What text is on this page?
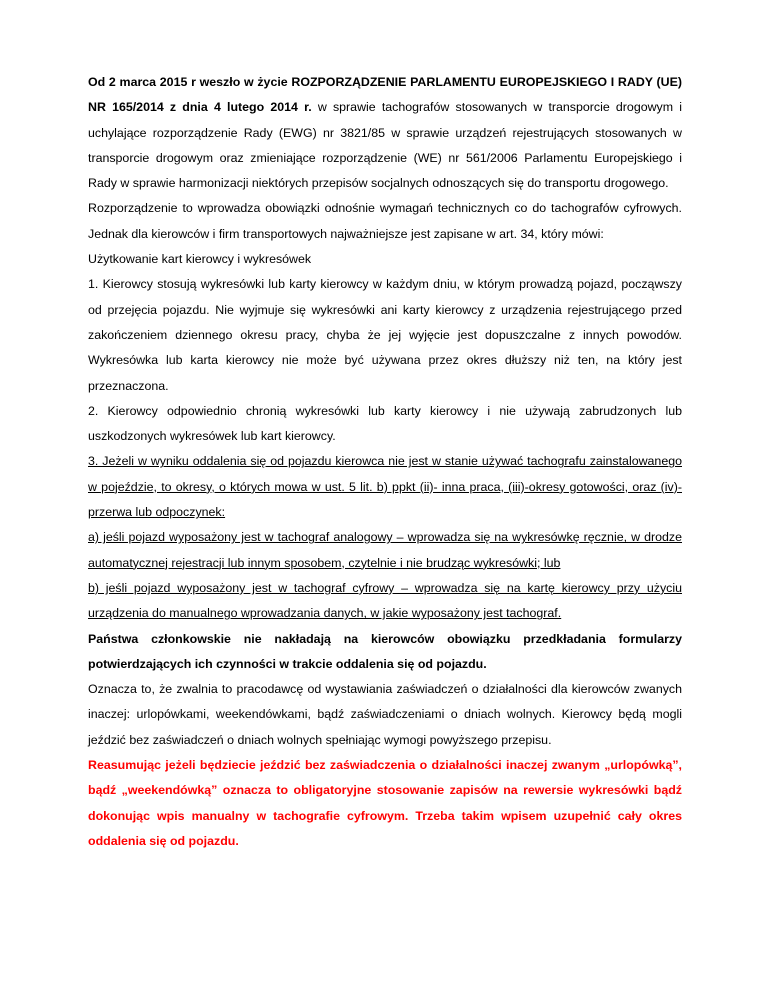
Od 2 marca 2015 r weszło w życie ROZPORZĄDZENIE PARLAMENTU EUROPEJSKIEGO I RADY (UE) NR 165/2014 z dnia 4 lutego 2014 r. w sprawie tachografów stosowanych w transporcie drogowym i uchylające rozporządzenie Rady (EWG) nr 3821/85 w sprawie urządzeń rejestrujących stosowanych w transporcie drogowym oraz zmieniające rozporządzenie (WE) nr 561/2006 Parlamentu Europejskiego i Rady w sprawie harmonizacji niektórych przepisów socjalnych odnoszących się do transportu drogowego.

Rozporządzenie to wprowadza obowiązki odnośnie wymagań technicznych co do tachografów cyfrowych. Jednak dla kierowców i firm transportowych najważniejsze jest zapisane w art. 34, który mówi:

Użytkowanie kart kierowcy i wykresówek

1. Kierowcy stosują wykresówki lub karty kierowcy w każdym dniu, w którym prowadzą pojazd, począwszy od przejęcia pojazdu. Nie wyjmuje się wykresówki ani karty kierowcy z urządzenia rejestrującego przed zakończeniem dziennego okresu pracy, chyba że jej wyjęcie jest dopuszczalne z innych powodów. Wykresówka lub karta kierowcy nie może być używana przez okres dłuższy niż ten, na który jest przeznaczona.

2. Kierowcy odpowiednio chronią wykresówki lub karty kierowcy i nie używają zabrudzonych lub uszkodzonych wykresówek lub kart kierowcy.

3. Jeżeli w wyniku oddalenia się od pojazdu kierowca nie jest w stanie używać tachografu zainstalowanego w pojeździe, to okresy, o których mowa w ust. 5 lit. b) ppkt (ii)- inna praca, (iii)-okresy gotowości, oraz (iv)-przerwa lub odpoczynek:

a) jeśli pojazd wyposażony jest w tachograf analogowy – wprowadza się na wykresówkę ręcznie, w drodze automatycznej rejestracji lub innym sposobem, czytelnie i nie brudząc wykresówki; lub

b) jeśli pojazd wyposażony jest w tachograf cyfrowy – wprowadza się na kartę kierowcy przy użyciu urządzenia do manualnego wprowadzania danych, w jakie wyposażony jest tachograf.

Państwa członkowskie nie nakładają na kierowców obowiązku przedkładania formularzy potwierdzających ich czynności w trakcie oddalenia się od pojazdu.

Oznacza to, że zwalnia to pracodawcę od wystawiania zaświadczeń o działalności dla kierowców zwanych inaczej: urlopówkami, weekendówkami, bądź zaświadczeniami o dniach wolnych. Kierowcy będą mogli jeździć bez zaświadczeń o dniach wolnych spełniając wymogi powyższego przepisu.

Reasumując jeżeli będziecie jeździć bez zaświadczenia o działalności inaczej zwanym „urlopówką”, bądź „weekendówką” oznacza to obligatoryjne stosowanie zapisów na rewersie wykresówki bądź dokonując wpis manualny w tachografie cyfrowym. Trzeba takim wpisem uzupełnić cały okres oddalenia się od pojazdu.
